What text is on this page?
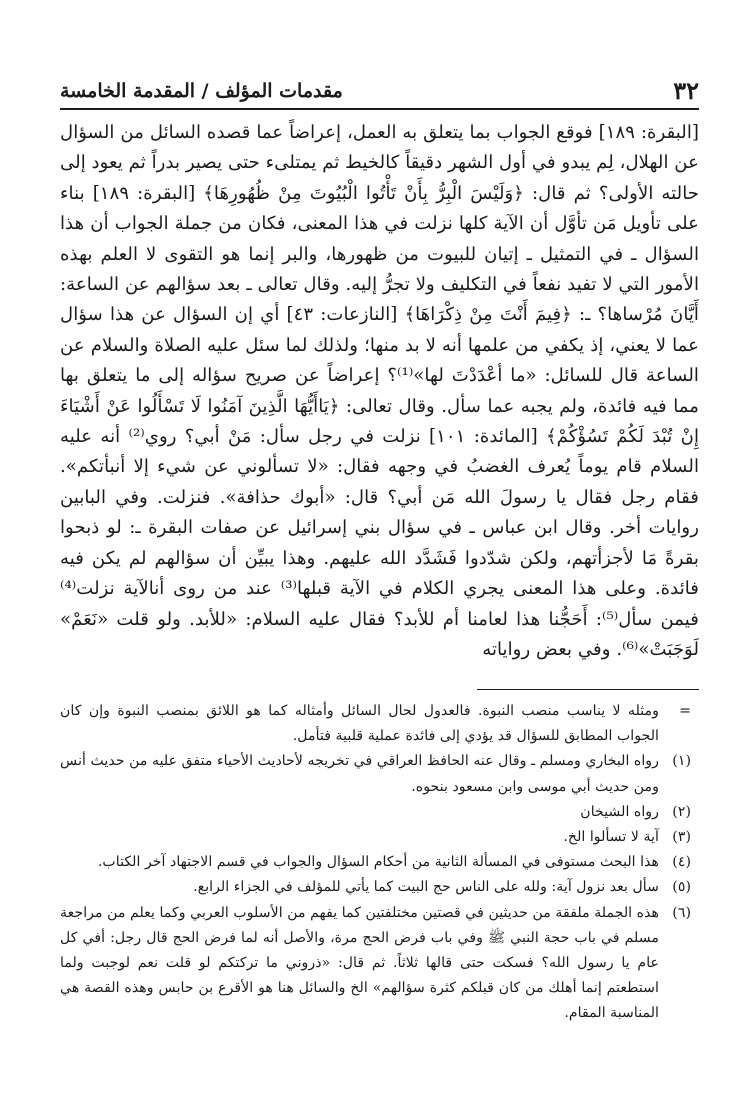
٣٢
مقدمات المؤلف / المقدمة الخامسة

[البقرة: ١٨٩] فوقع الجواب بما يتعلق به العمل، إعراضاً عما قصده السائل من السؤال عن الهلال، لِم يبدو في أول الشهر دقيقاً كالخيط ثم يمتلىء حتى يصير بدراً ثم يعود إلى حالته الأولى؟ ثم قال: ﴿وَلَيْسَ الْبِرُّ بِأَنْ تَأْتُوا الْبُيُوتَ مِنْ ظُهُورِهَا﴾ [البقرة: ١٨٩] بناء على تأويل مَن تأوَّل أن الآية كلها نزلت في هذا المعنى، فكان من جملة الجواب أن هذا السؤال ـ في التمثيل ـ إتيان للبيوت من ظهورها، والبر إنما هو التقوى لا العلم بهذه الأمور التي لا تفيد نفعاً في التكليف ولا تجرُّ إليه. وقال تعالى ـ بعد سؤالهم عن الساعة: أَيَّانَ مُرْساها؟ ـ: ﴿فِيمَ أَنْتَ مِنْ ذِكْرَاهَا﴾ [النازعات: ٤٣] أي إن السؤال عن هذا سؤال عما لا يعني، إذ يكفي من علمها أنه لا بد منها؛ ولذلك لما سئل عليه الصلاة والسلام عن الساعة قال للسائل: «ما أعْدَدْتَ لها»⁽¹⁾؟ إعراضاً عن صريح سؤاله إلى ما يتعلق بها مما فيه فائدة، ولم يجبه عما سأل. وقال تعالى: ﴿يَاأَيُّهَا الَّذِينَ آمَنُوا لَا تَسْأَلُوا عَنْ أَشْيَاءَ إِنْ تُبْدَ لَكُمْ تَسُؤْكُمْ﴾ [المائدة: ١٠١] نزلت في رجل سأل: مَنْ أبي؟ روي⁽²⁾ أنه عليه السلام قام يوماً يُعرف الغضبُ في وجهه فقال: «لا تسألوني عن شيء إلا أنبأتكم». فقام رجل فقال يا رسولَ الله مَن أبي؟ قال: «أبوك حذافة». فنزلت. وفي البابين روايات أخر. وقال ابن عباس ـ في سؤال بني إسرائيل عن صفات البقرة ـ: لو ذبحوا بقرةً مَا لأجزأتهم، ولكن شدّدوا فَشَدَّد الله عليهم. وهذا يبيِّن أن سؤالهم لم يكن فيه فائدة. وعلى هذا المعنى يجري الكلام في الآية قبلها⁽³⁾ عند من روى أنالآية نزلت⁽⁴⁾ فيمن سأل⁽⁵⁾: أَحَجُّنا هذا لعامنا أم للأبد؟ فقال عليه السلام: «للأبد. ولو قلت «نَعَمْ» لَوَجَبَتْ»⁽⁶⁾. وفي بعض رواياته

=
ومثله لا يناسب منصب النبوة. فالعدول لحال السائل وأمثاله كما هو اللائق بمنصب النبوة وإن كان الجواب المطابق للسؤال قد يؤدي إلى فائدة عملية قلبية فتأمل.
(١)
رواه البخاري ومسلم ـ وقال عنه الحافظ العراقي في تخريجه لأحاديث الأحياء متفق عليه من حديث أنس ومن حديث أبي موسى وابن مسعود بنحوه.
(٢)
رواه الشيخان
(٣)
آية لا تسألوا الخ.
(٤)
هذا البحث مستوفى في المسألة الثانية من أحكام السؤال والجواب في قسم الاجتهاد آخر الكتاب.
(٥)
سأل بعد نزول آية: ولله على الناس حج البيت كما يأتي للمؤلف في الجزاء الرابع.
(٦)
هذه الجملة ملفقة من حديثين في قصتين مختلفتين كما يفهم من الأسلوب العربي وكما يعلم من مراجعة مسلم في باب حجة النبي ﷺ وفي باب فرض الحج مرة، والأصل أنه لما فرض الحج قال رجل: أفي كل عام يا رسول الله؟ فسكت حتى قالها ثلاثاً. ثم قال: «ذروني ما تركتكم لو قلت نعم لوجبت ولما استطعتم إنما أهلك من كان قبلكم كثرة سؤالهم» الخ والسائل هنا هو الأقرع بن حابس وهذه القصة هي المناسبة المقام.
